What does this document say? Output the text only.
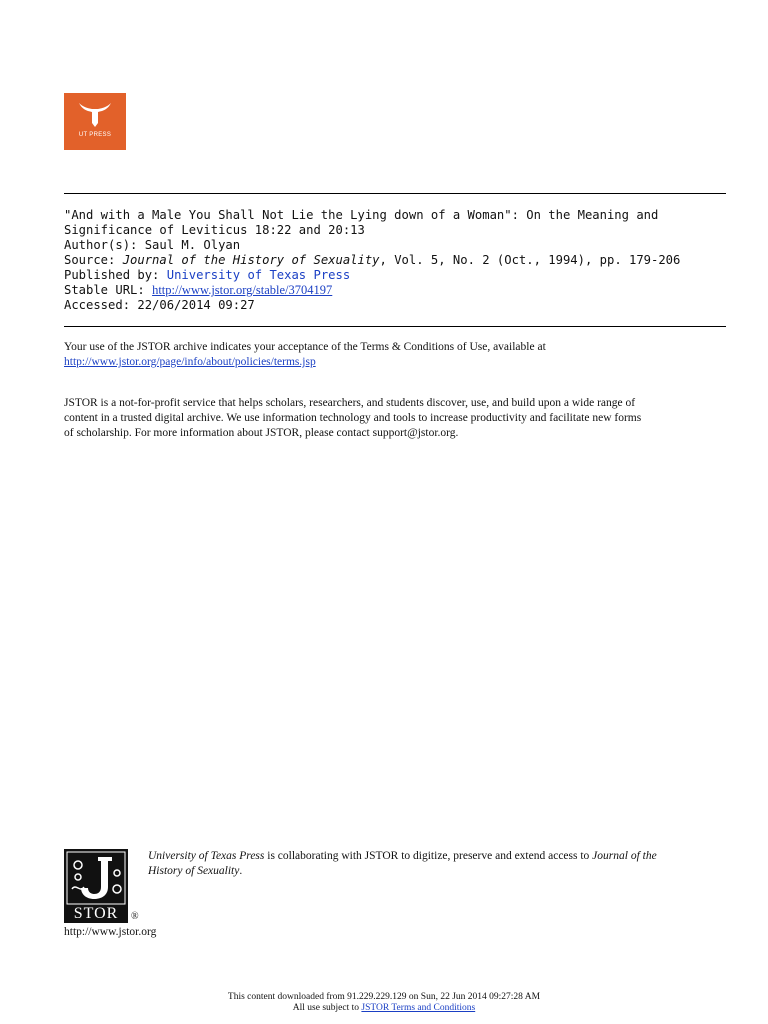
UT PRESS
"And with a Male You Shall Not Lie the Lying down of a Woman": On the Meaning and
Significance of Leviticus 18:22 and 20:13
Author(s): Saul M. Olyan
Source: Journal of the History of Sexuality, Vol. 5, No. 2 (Oct., 1994), pp. 179-206
Published by: University of Texas Press
Stable URL: http://www.jstor.org/stable/3704197
Accessed: 22/06/2014 09:27
Your use of the JSTOR archive indicates your acceptance of the Terms & Conditions of Use, available at
http://www.jstor.org/page/info/about/policies/terms.jsp
JSTOR is a not-for-profit service that helps scholars, researchers, and students discover, use, and build upon a wide range of
content in a trusted digital archive. We use information technology and tools to increase productivity and facilitate new forms
of scholarship. For more information about JSTOR, please contact support@jstor.org.
STOR	®
http://www.jstor.org
University of Texas Press is collaborating with JSTOR to digitize, preserve and extend access to Journal of the
History of Sexuality.
This content downloaded from 91.229.229.129 on Sun, 22 Jun 2014 09:27:28 AM
All use subject to JSTOR Terms and Conditions
